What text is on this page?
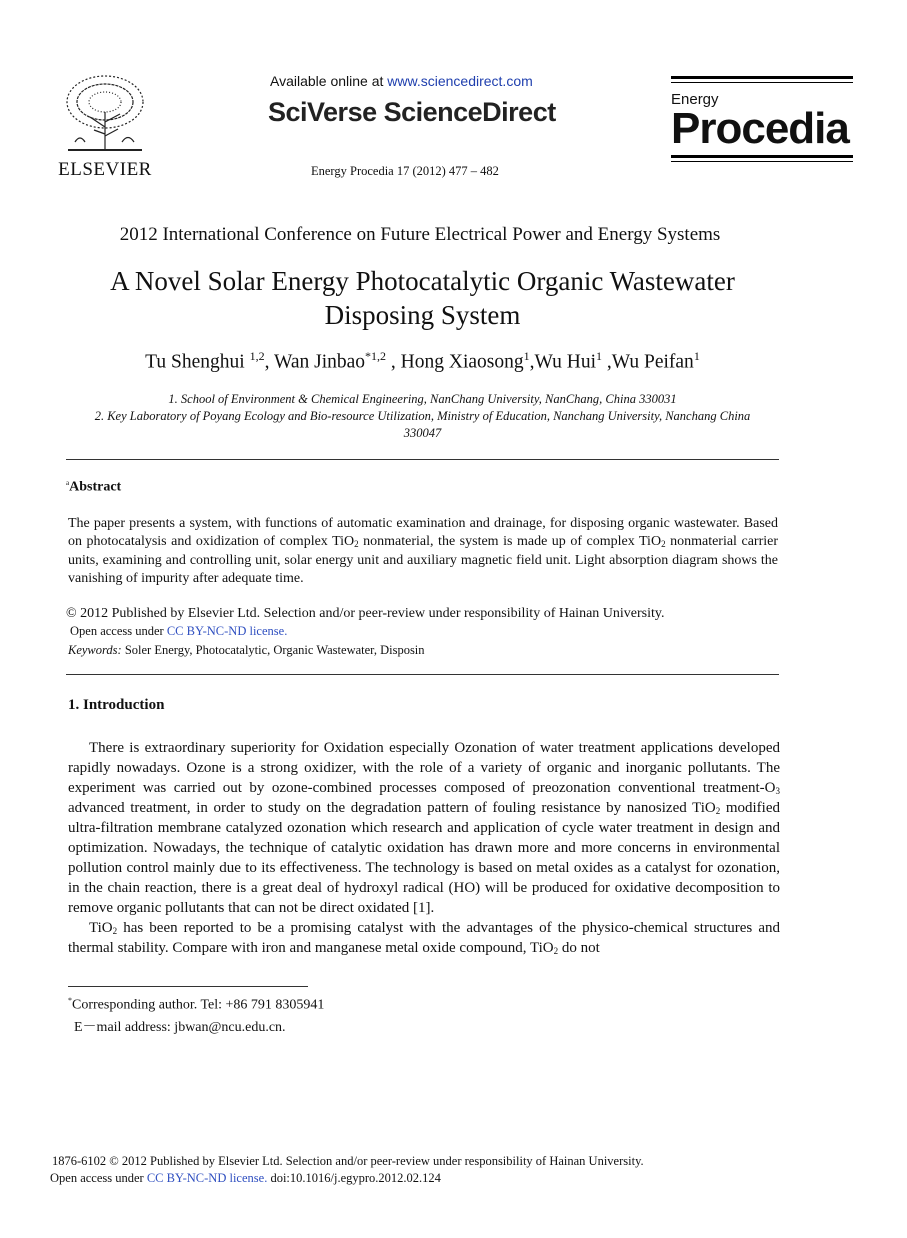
ELSEVIER
Available online at www.sciencedirect.com
SciVerse ScienceDirect
Energy Procedia 17 (2012) 477 – 482
Energy
Procedia
2012 International Conference on Future Electrical Power and Energy Systems
A Novel Solar Energy Photocatalytic Organic Wastewater
Disposing System
Tu Shenghui $^{1,2}$, Wan Jinbao$^{*1,2}$ , Hong Xiaosong$^1$,Wu Hui$^1$ ,Wu Peifan$^1$
1. School of Environment & Chemical Engineering, NanChang University, NanChang, China 330031
2. Key Laboratory of Poyang Ecology and Bio-resource Utilization, Ministry of Education, Nanchang University, Nanchang China
330047
$^a$Abstract
The paper presents a system, with functions of automatic examination and drainage, for disposing organic wastewater. Based on photocatalysis and oxidization of complex TiO$_2$ nonmaterial, the system is made up of complex TiO$_2$ nonmaterial carrier units, examining and controlling unit, solar energy unit and auxiliary magnetic field unit. Light absorption diagram shows the vanishing of impurity after adequate time.
© 2012 Published by Elsevier Ltd. Selection and/or peer-review under responsibility of Hainan University.
Open access under CC BY-NC-ND license.
Keywords: Soler Energy, Photocatalytic, Organic Wastewater, Disposin
1. Introduction

There is extraordinary superiority for Oxidation especially Ozonation of water treatment applications developed rapidly nowadays. Ozone is a strong oxidizer, with the role of a variety of organic and inorganic pollutants. The experiment was carried out by ozone-combined processes composed of preozonation conventional treatment-$O_3$ advanced treatment, in order to study on the degradation pattern of fouling resistance by nanosized TiO$_2$ modified ultra-filtration membrane catalyzed ozonation which research and application of cycle water treatment in design and optimization. Nowadays, the technique of catalytic oxidation has drawn more and more concerns in environmental pollution control mainly due to its effectiveness. The technology is based on metal oxides as a catalyst for ozonation, in the chain reaction, there is a great deal of hydroxyl radical (HO) will be produced for oxidative decomposition to remove organic pollutants that can not be direct oxidated [1].

TiO$_2$ has been reported to be a promising catalyst with the advantages of the physico-chemical structures and thermal stability. Compare with iron and manganese metal oxide compound, TiO$_2$ do not

*Corresponding author. Tel: +86 791 8305941
E－mail address: jbwan@ncu.edu.cn.
1876-6102 © 2012 Published by Elsevier Ltd. Selection and/or peer-review under responsibility of Hainan University.
Open access under CC BY-NC-ND license. doi:10.1016/j.egypro.2012.02.124
